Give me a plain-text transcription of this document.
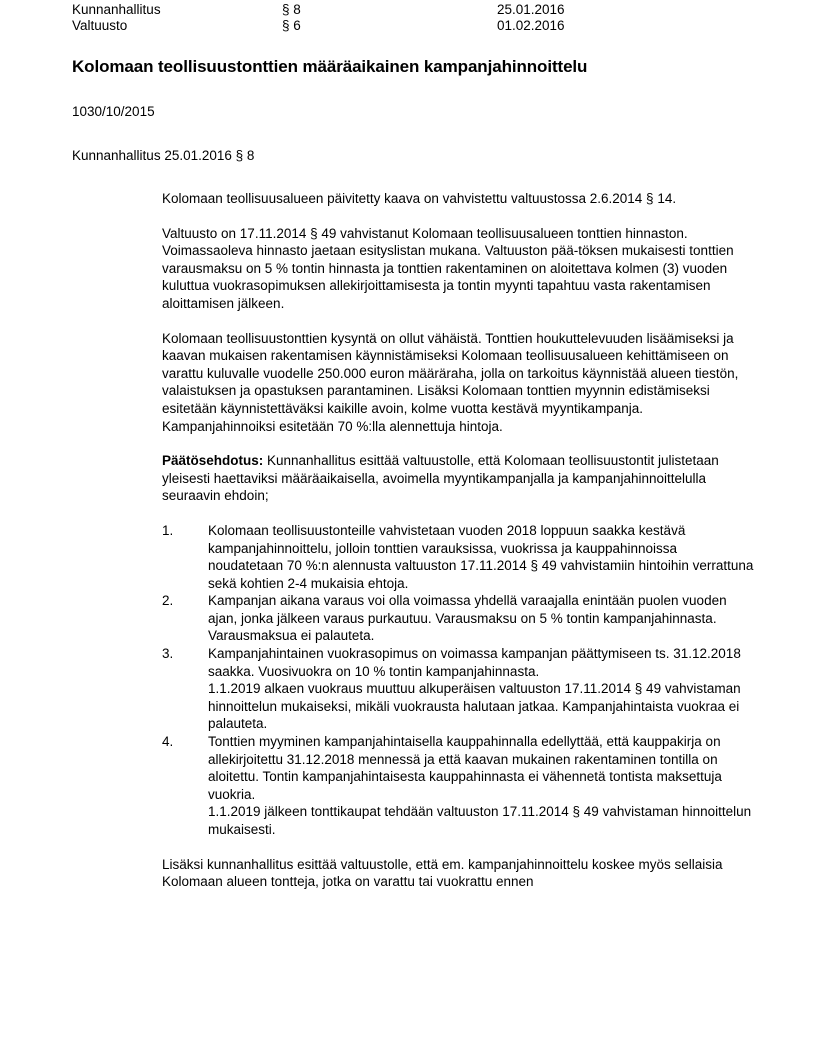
Kunnanhallitus	§ 8	25.01.2016
Valtuusto	§ 6	01.02.2016
Kolomaan teollisuustonttien määräaikainen kampanjahinnoittelu
1030/10/2015
Kunnanhallitus 25.01.2016 § 8

Kolomaan teollisuusalueen päivitetty kaava on vahvistettu valtuustossa 2.6.2014 § 14.

Valtuusto on 17.11.2014 § 49 vahvistanut Kolomaan teollisuusalueen tonttien hinnaston. Voimassaoleva hinnasto jaetaan esityslistan mukana. Valtuuston pää-töksen mukaisesti tonttien varausmaksu on 5 % tontin hinnasta ja tonttien rakentaminen on aloitettava kolmen (3) vuoden kuluttua vuokrasopimuksen allekirjoittamisesta ja tontin myynti tapahtuu vasta rakentamisen aloittamisen jälkeen.

Kolomaan teollisuustonttien kysyntä on ollut vähäistä. Tonttien houkuttelevuuden lisäämiseksi ja kaavan mukaisen rakentamisen käynnistämiseksi Kolomaan teollisuusalueen kehittämiseen on varattu kuluvalle vuodelle 250.000 euron määräraha, jolla on tarkoitus käynnistää alueen tiestön, valaistuksen ja opastuksen parantaminen. Lisäksi Kolomaan tonttien myynnin edistämiseksi esitetään käynnistettäväksi kaikille avoin, kolme vuotta kestävä myyntikampanja. Kampanjahinnoiksi esitetään 70 %:lla alennettuja hintoja.

Päätösehdotus: Kunnanhallitus esittää valtuustolle, että Kolomaan teollisuustontit julistetaan yleisesti haettaviksi määräaikaisella, avoimella myyntikampanjalla ja kampanjahinnoittelulla seuraavin ehdoin;

1.	Kolomaan teollisuustonteille vahvistetaan vuoden 2018 loppuun saakka kestävä kampanjahinnoittelu, jolloin tonttien varauksissa, vuokrissa ja kauppahinnoissa noudatetaan 70 %:n alennusta valtuuston 17.11.2014 § 49 vahvistamiin hintoihin verrattuna sekä kohtien 2-4 mukaisia ehtoja.
2.	Kampanjan aikana varaus voi olla voimassa yhdellä varaajalla enintään puolen vuoden ajan, jonka jälkeen varaus purkautuu. Varausmaksu on 5 % tontin kampanjahinnasta. Varausmaksua ei palauteta.
3.	Kampanjahintainen vuokrasopimus on voimassa kampanjan päättymiseen ts. 31.12.2018 saakka. Vuosivuokra on 10 % tontin kampanjahinnasta.
1.1.2019 alkaen vuokraus muuttuu alkuperäisen valtuuston 17.11.2014 § 49 vahvistaman hinnoittelun mukaiseksi, mikäli vuokrausta halutaan jatkaa. Kampanjahintaista vuokraa ei palauteta.
4.	Tonttien myyminen kampanjahintaisella kauppahinnalla edellyttää, että kauppakirja on allekirjoitettu 31.12.2018 mennessä ja että kaavan mukainen rakentaminen tontilla on aloitettu. Tontin kampanjahintaisesta kauppahinnasta ei vähennetä tontista maksettuja vuokria.
1.1.2019 jälkeen tonttikaupat tehdään valtuuston 17.11.2014 § 49 vahvistaman hinnoittelun mukaisesti.

Lisäksi kunnanhallitus esittää valtuustolle, että em. kampanjahinnoittelu koskee myös sellaisia Kolomaan alueen tontteja, jotka on varattu tai vuokrattu ennen
